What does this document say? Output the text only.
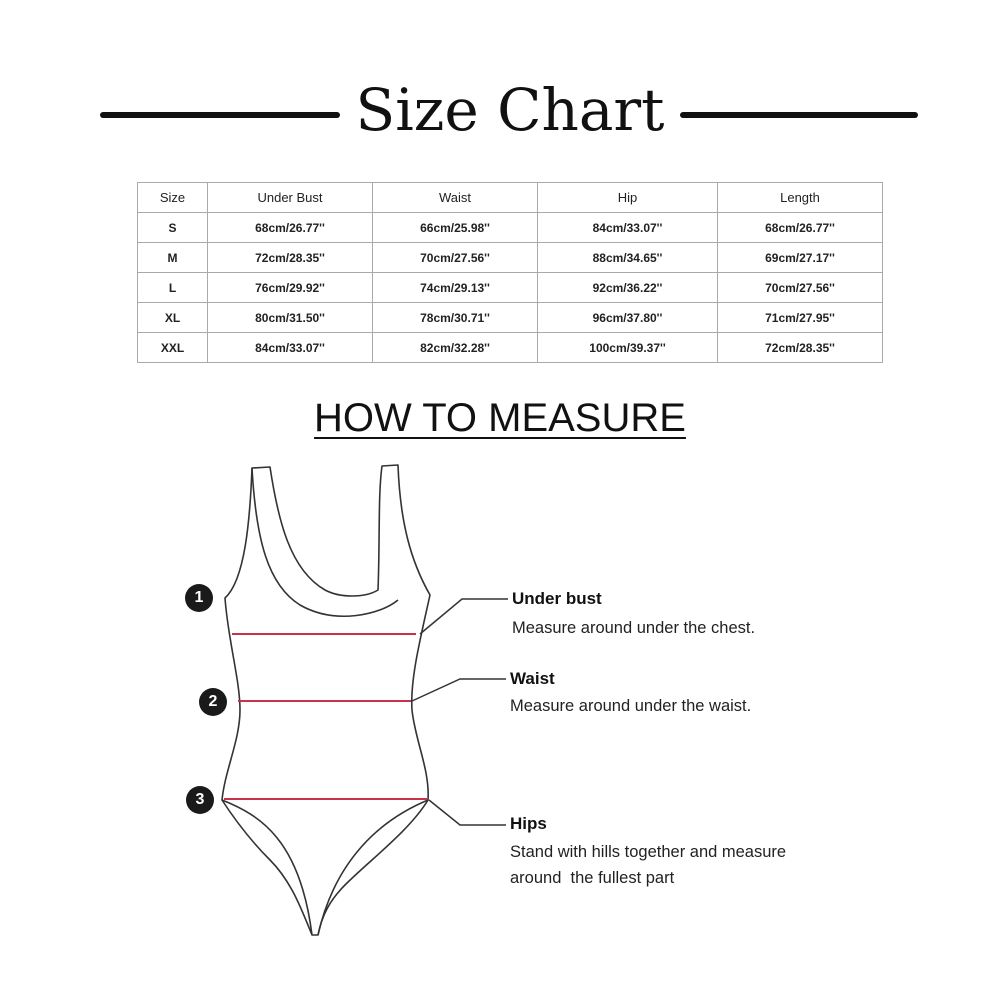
Size Chart
Size	Under Bust	Waist	Hip	Length
S	68cm/26.77''	66cm/25.98''	84cm/33.07''	68cm/26.77''
M	72cm/28.35''	70cm/27.56''	88cm/34.65''	69cm/27.17''
L	76cm/29.92''	74cm/29.13''	92cm/36.22''	70cm/27.56''
XL	80cm/31.50''	78cm/30.71''	96cm/37.80''	71cm/27.95''
XXL	84cm/33.07''	82cm/32.28''	100cm/39.37''	72cm/28.35''
HOW TO MEASURE
1
2
3
Under bust
Measure around under the chest.
Waist
Measure around under the waist.
Hips
Stand with hills together and measure
around  the fullest part
